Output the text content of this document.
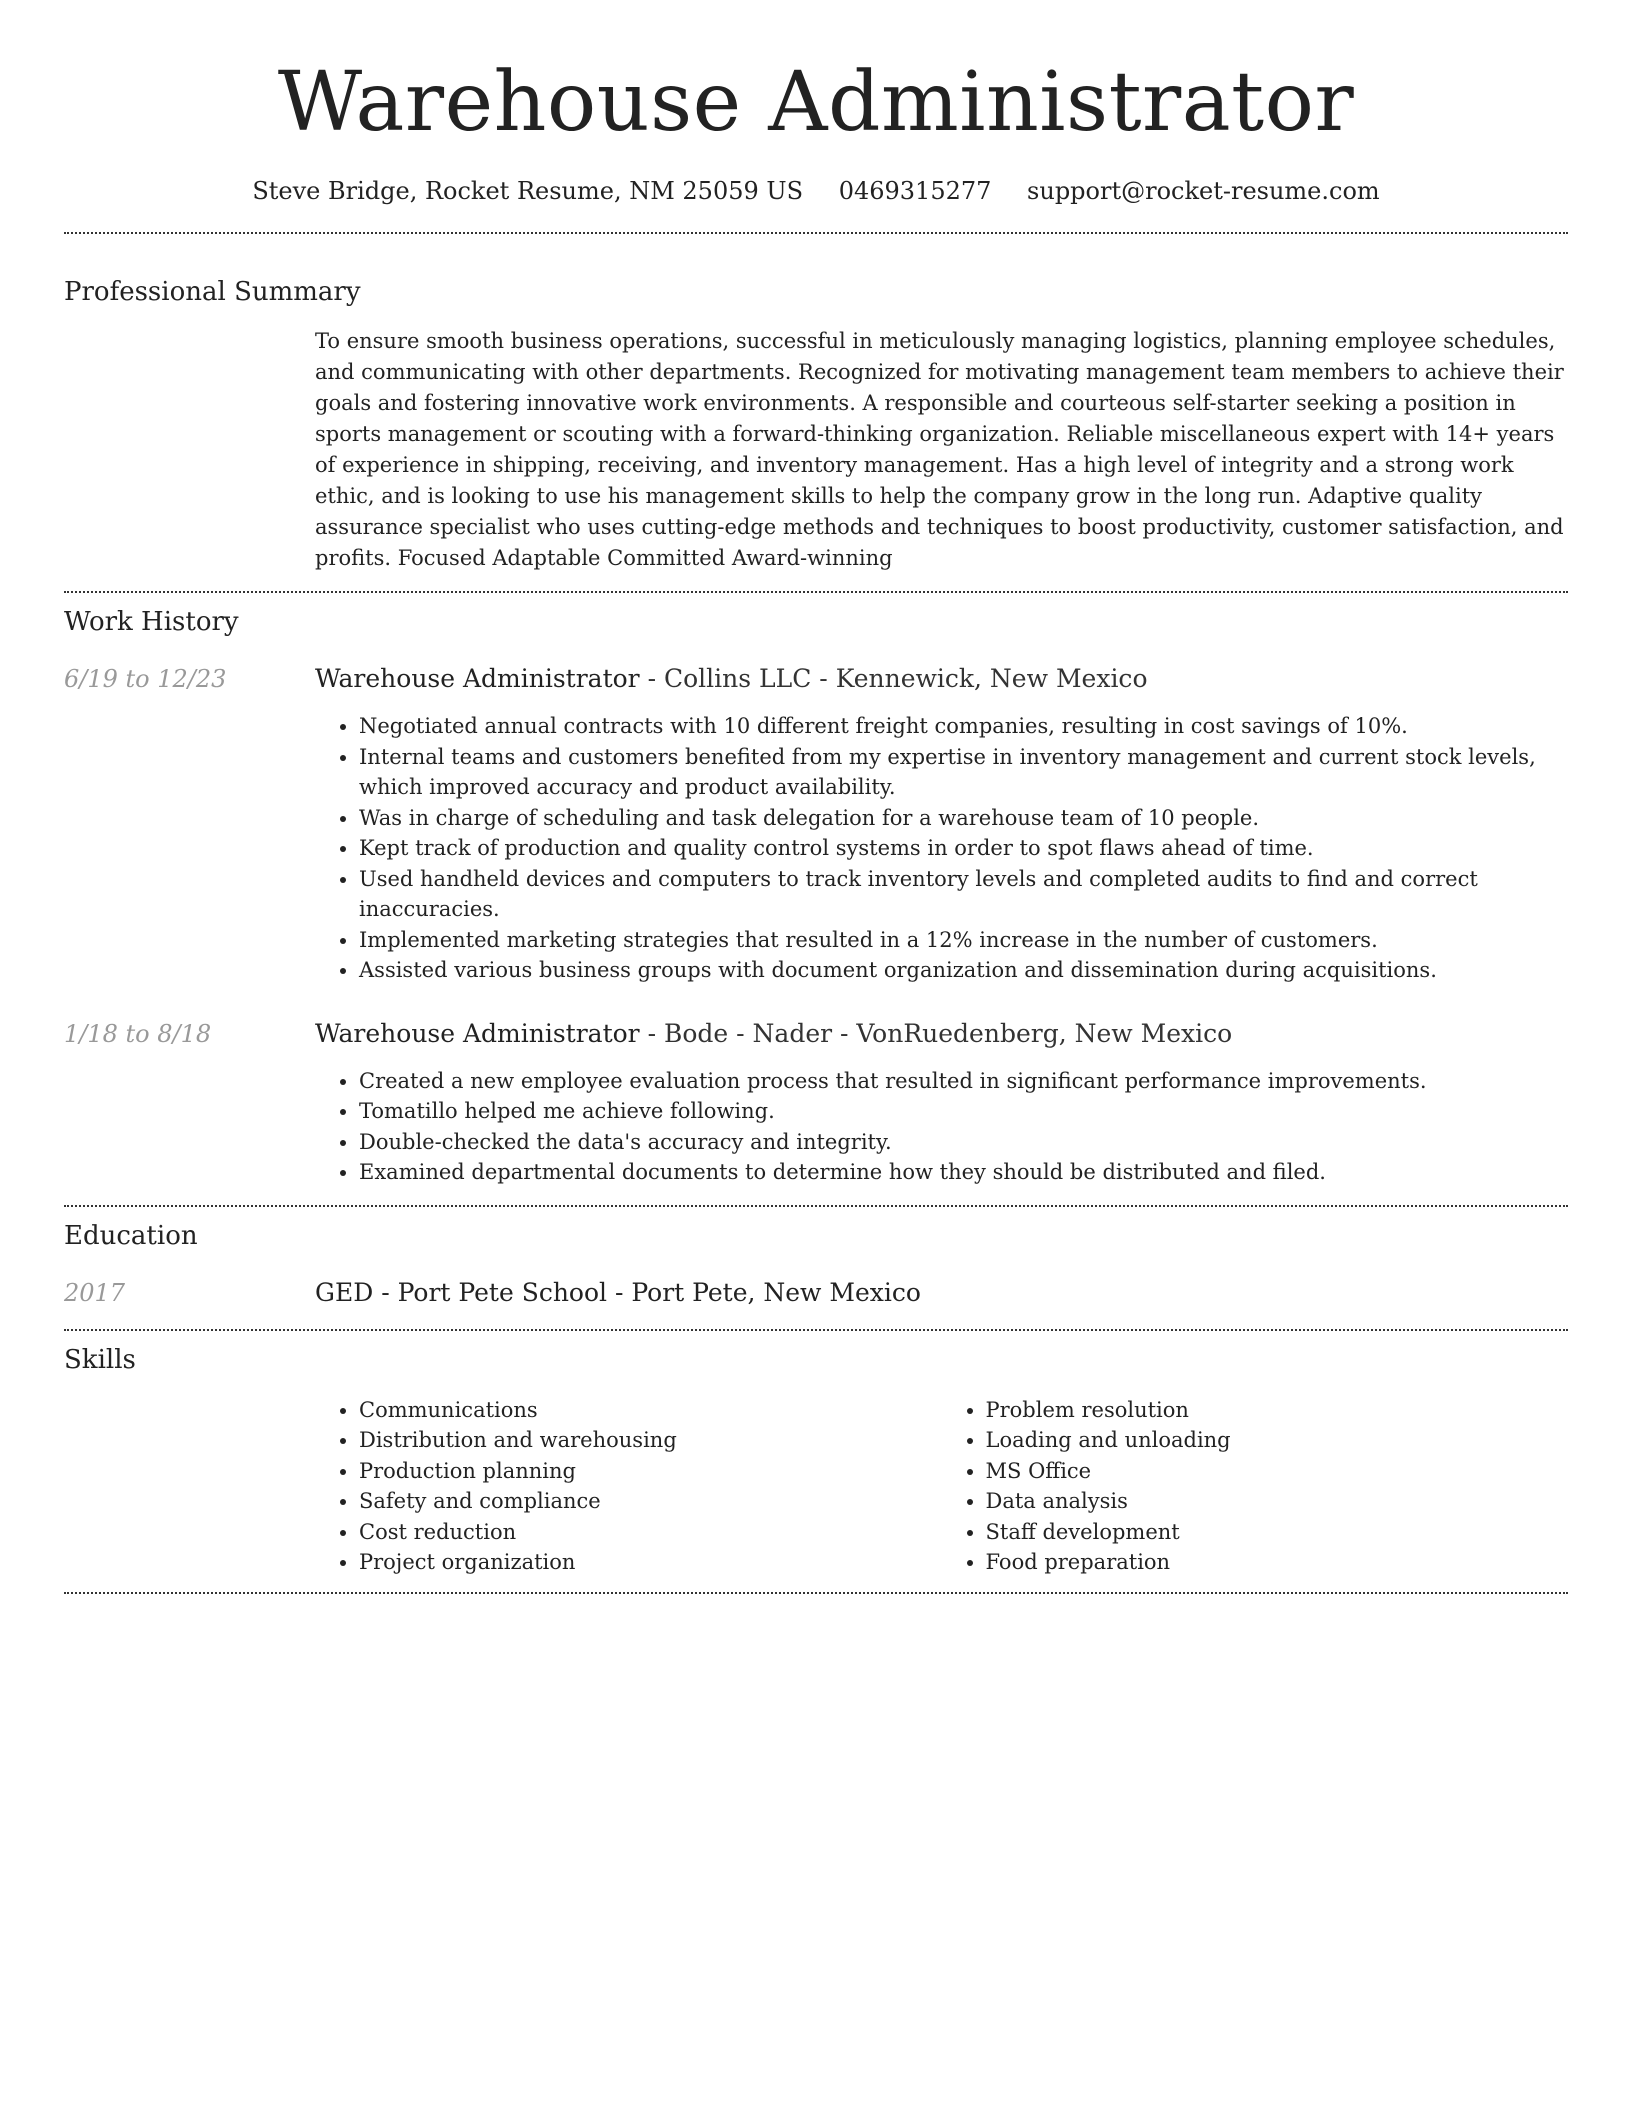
Warehouse Administrator
Steve Bridge, Rocket Resume, NM 25059 US 0469315277 support@rocket-resume.com
Professional Summary

To ensure smooth business operations, successful in meticulously managing logistics, planning employee schedules, and communicating with other departments. Recognized for motivating management team members to achieve their goals and fostering innovative work environments. A responsible and courteous self-starter seeking a position in sports management or scouting with a forward-thinking organization. Reliable miscellaneous expert with 14+ years of experience in shipping, receiving, and inventory management. Has a high level of integrity and a strong work ethic, and is looking to use his management skills to help the company grow in the long run. Adaptive quality assurance specialist who uses cutting-edge methods and techniques to boost productivity, customer satisfaction, and profits. Focused Adaptable Committed Award-winning

Work History
6/19 to 12/23	Warehouse Administrator - Collins LLC - Kennewick, New Mexico

• Negotiated annual contracts with 10 different freight companies, resulting in cost savings of 10%.
• Internal teams and customers benefited from my expertise in inventory management and current stock levels, which improved accuracy and product availability.
• Was in charge of scheduling and task delegation for a warehouse team of 10 people.
• Kept track of production and quality control systems in order to spot flaws ahead of time.
• Used handheld devices and computers to track inventory levels and completed audits to find and correct inaccuracies.
• Implemented marketing strategies that resulted in a 12% increase in the number of customers.
• Assisted various business groups with document organization and dissemination during acquisitions.
1/18 to 8/18	Warehouse Administrator - Bode - Nader - VonRuedenberg, New Mexico

• Created a new employee evaluation process that resulted in significant performance improvements.
• Tomatillo helped me achieve following.
• Double-checked the data's accuracy and integrity.
• Examined departmental documents to determine how they should be distributed and filed.
Education
2017	GED - Port Pete School - Port Pete, New Mexico

Skills
• Communications
• Distribution and warehousing
• Production planning
• Safety and compliance
• Cost reduction
• Project organization
• Problem resolution
• Loading and unloading
• MS Office
• Data analysis
• Staff development
• Food preparation
